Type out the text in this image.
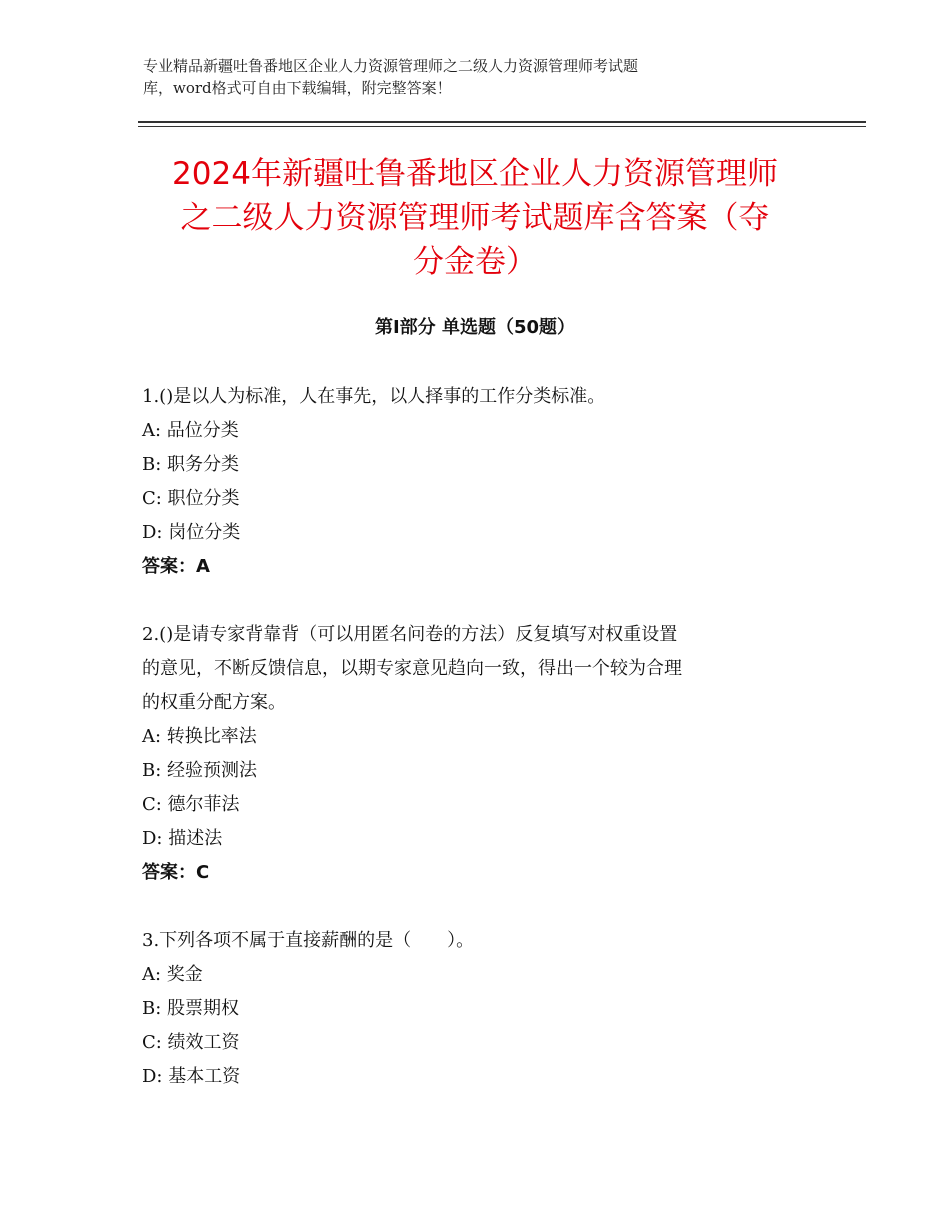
专业精品新疆吐鲁番地区企业人力资源管理师之二级人力资源管理师考试题
库，word格式可自由下载编辑，附完整答案！
2024年新疆吐鲁番地区企业人力资源管理师
之二级人力资源管理师考试题库含答案（夺
分金卷）
第Ⅰ部分 单选题（50题）
1.()是以人为标准，人在事先，以人择事的工作分类标准。
A: 品位分类
B: 职务分类
C: 职位分类
D: 岗位分类
答案：A
2.()是请专家背靠背（可以用匿名问卷的方法）反复填写对权重设置
的意见，不断反馈信息，以期专家意见趋向一致，得出一个较为合理
的权重分配方案。
A: 转换比率法
B: 经验预测法
C: 德尔菲法
D: 描述法
答案：C
3.下列各项不属于直接薪酬的是（　　）。
A: 奖金
B: 股票期权
C: 绩效工资
D: 基本工资
